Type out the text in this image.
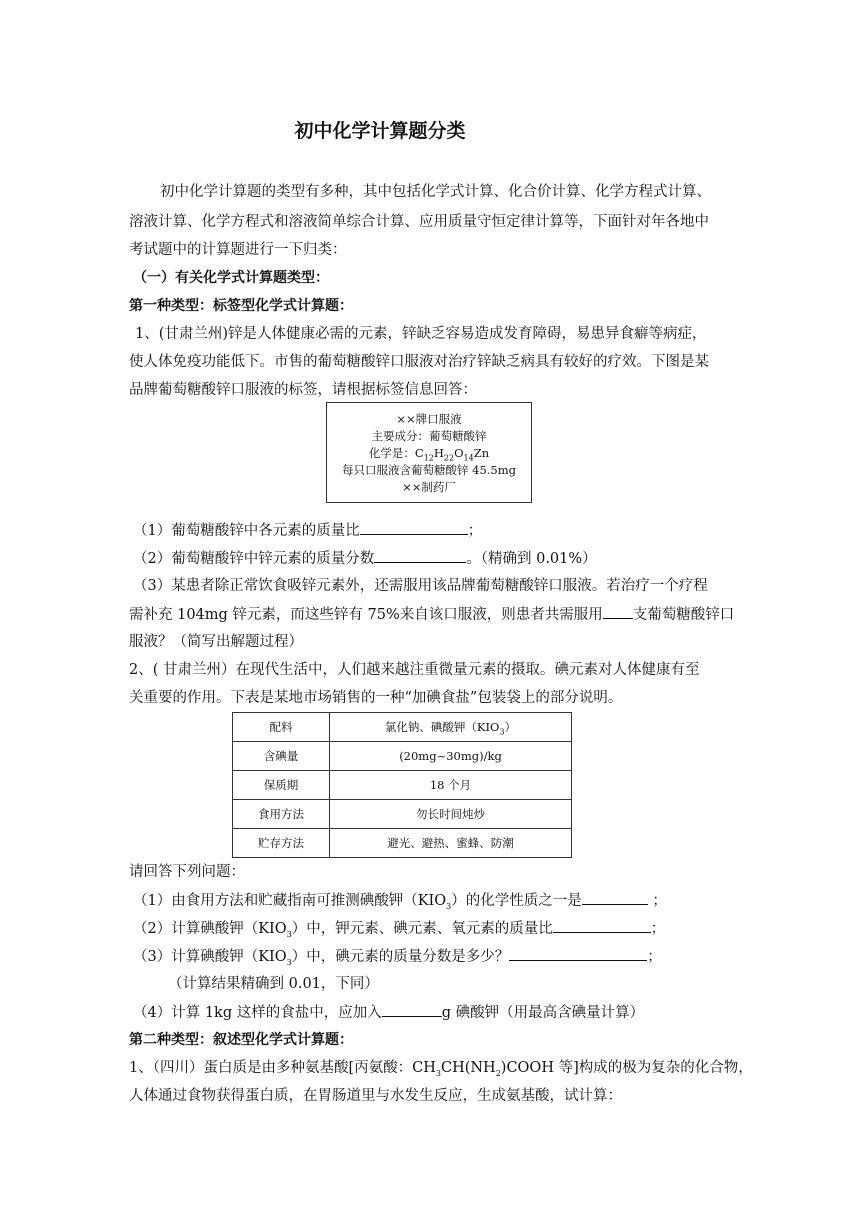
初中化学计算题分类
初中化学计算题的类型有多种，其中包括化学式计算、化合价计算、化学方程式计算、
溶液计算、化学方程式和溶液简单综合计算、应用质量守恒定律计算等，下面针对年各地中
考试题中的计算题进行一下归类：
（一）有关化学式计算题类型：
第一种类型：标签型化学式计算题：
1、(甘肃兰州)锌是人体健康必需的元素，锌缺乏容易造成发育障碍，易患异食癖等病症，
使人体免疫功能低下。市售的葡萄糖酸锌口服液对治疗锌缺乏病具有较好的疗效。下图是某
品牌葡萄糖酸锌口服液的标签，请根据标签信息回答：
××牌口服液
主要成分：葡萄糖酸锌
化学是：$C_{12}H_{22}O_{14}Zn$
每只口服液含葡萄糖酸锌 45.5mg
××制药厂
（1）葡萄糖酸锌中各元素的质量比	；
（2）葡萄糖酸锌中锌元素的质量分数	。（精确到 0.01%）
（3）某患者除正常饮食吸锌元素外，还需服用该品牌葡萄糖酸锌口服液。若治疗一个疗程
需补充 104mg 锌元素，而这些锌有 75%来自该口服液，则患者共需服用 支葡萄糖酸锌口
服液？（简写出解题过程）
2、( 甘肃兰州）在现代生活中，人们越来越注重微量元素的摄取。碘元素对人体健康有至
关重要的作用。下表是某地市场销售的一种“加碘食盐”包装袋上的部分说明。
配料	氯化钠、碘酸钾$(KIO_3)$
含碘量	(20mg~30mg)/kg
保质期	18 个月
食用方法	勿长时间炖炒
贮存方法	避光、避热、蜜蜂、防潮
请回答下列问题：
（1）由食用方法和贮藏指南可推测碘酸钾$(KIO_3)$的化学性质之一是	；
（2）计算碘酸钾$(KIO_3)$中，钾元素、碘元素、氧元素的质量比	；
（3）计算碘酸钾$(KIO_3)$中，碘元素的质量分数是多少？	；
（计算结果精确到 0.01，下同）
（4）计算 1kg 这样的食盐中，应加入	g 碘酸钾（用最高含碘量计算）
第二种类型：叙述型化学式计算题：
1、（四川）蛋白质是由多种氨基酸[丙氨酸：$CH_3CH(NH_2)COOH$ 等]构成的极为复杂的化合物，
人体通过食物获得蛋白质，在胃肠道里与水发生反应，生成氨基酸，试计算：
